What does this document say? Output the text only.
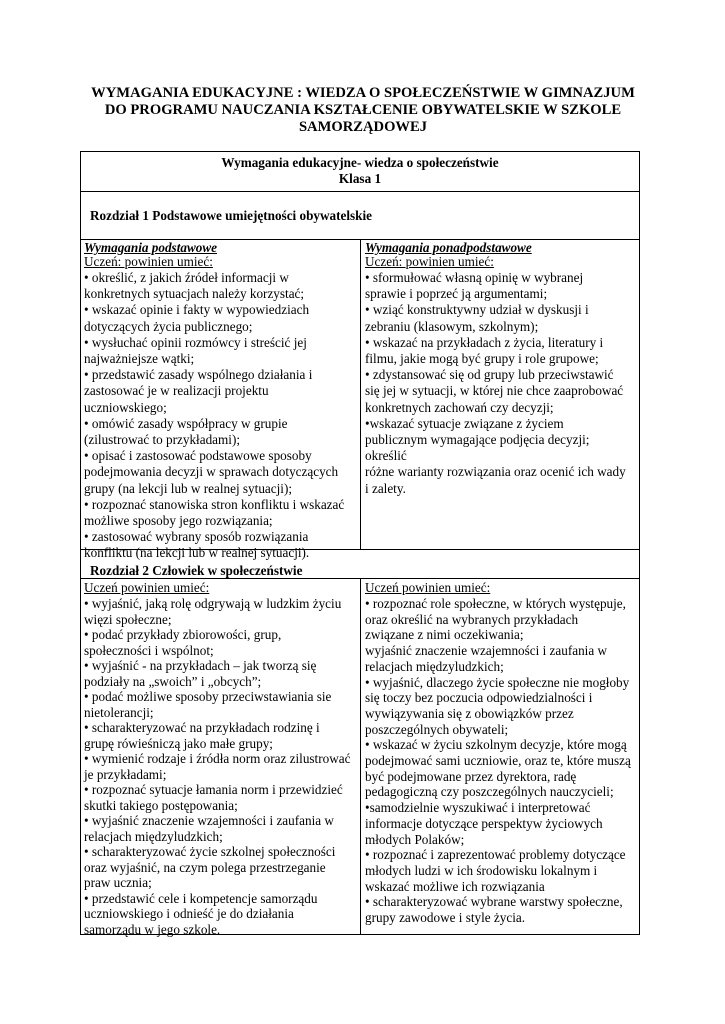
WYMAGANIA EDUKACYJNE : WIEDZA O SPOŁECZEŃSTWIE W GIMNAZJUM
DO PROGRAMU NAUCZANIA KSZTAŁCENIE OBYWATELSKIE W SZKOLE
SAMORZĄDOWEJ
Wymagania edukacyjne- wiedza o społeczeństwie
Klasa 1
Rozdział 1 Podstawowe umiejętności obywatelskie
Wymagania podstawowe	Wymagania ponadpodstawowe
Uczeń: powinien umieć:
• określić, z jakich źródeł informacji w
konkretnych sytuacjach należy korzystać;
• wskazać opinie i fakty w wypowiedziach
dotyczących życia publicznego;
• wysłuchać opinii rozmówcy i streścić jej
najważniejsze wątki;
• przedstawić zasady wspólnego działania i
zastosować je w realizacji projektu
uczniowskiego;
• omówić zasady współpracy w grupie
(zilustrować to przykładami);
• opisać i zastosować podstawowe sposoby
podejmowania decyzji w sprawach dotyczących
grupy (na lekcji lub w realnej sytuacji);
• rozpoznać stanowiska stron konfliktu i wskazać
możliwe sposoby jego rozwiązania;
• zastosować wybrany sposób rozwiązania
konfliktu (na lekcji lub w realnej sytuacji).
Uczeń: powinien umieć:
• sformułować własną opinię w wybranej
sprawie i poprzeć ją argumentami;
• wziąć konstruktywny udział w dyskusji i
zebraniu (klasowym, szkolnym);
• wskazać na przykładach z życia, literatury i
filmu, jakie mogą być grupy i role grupowe;
• zdystansować się od grupy lub przeciwstawić
się jej w sytuacji, w której nie chce zaaprobować
konkretnych zachowań czy decyzji;
•wskazać sytuacje związane z życiem
publicznym wymagające podjęcia decyzji;
określić
różne warianty rozwiązania oraz ocenić ich wady
i zalety.
Rozdział 2 Człowiek w społeczeństwie
Uczeń powinien umieć:
• wyjaśnić, jaką rolę odgrywają w ludzkim życiu
więzi społeczne;
• podać przykłady zbiorowości, grup,
społeczności i wspólnot;
• wyjaśnić - na przykładach – jak tworzą się
podziały na „swoich” i „obcych”;
• podać możliwe sposoby przeciwstawiania sie
nietolerancji;
• scharakteryzować na przykładach rodzinę i
grupę rówieśniczą jako małe grupy;
• wymienić rodzaje i źródła norm oraz zilustrować
je przykładami;
• rozpoznać sytuacje łamania norm i przewidzieć
skutki takiego postępowania;
• wyjaśnić znaczenie wzajemności i zaufania w
relacjach międzyludzkich;
• scharakteryzować życie szkolnej społeczności
oraz wyjaśnić, na czym polega przestrzeganie
praw ucznia;
• przedstawić cele i kompetencje samorządu
uczniowskiego i odnieść je do działania
samorządu w jego szkole.
Uczeń powinien umieć:
• rozpoznać role społeczne, w których występuje,
oraz określić na wybranych przykładach
związane z nimi oczekiwania;
wyjaśnić znaczenie wzajemności i zaufania w
relacjach międzyludzkich;
• wyjaśnić, dlaczego życie społeczne nie mogłoby
się toczy bez poczucia odpowiedzialności i
wywiązywania się z obowiązków przez
poszczególnych obywateli;
• wskazać w życiu szkolnym decyzje, które mogą
podejmować sami uczniowie, oraz te, które muszą
być podejmowane przez dyrektora, radę
pedagogiczną czy poszczególnych nauczycieli;
•samodzielnie wyszukiwać i interpretować
informacje dotyczące perspektyw życiowych
młodych Polaków;
• rozpoznać i zaprezentować problemy dotyczące
młodych ludzi w ich środowisku lokalnym i
wskazać możliwe ich rozwiązania
• scharakteryzować wybrane warstwy społeczne,
grupy zawodowe i style życia.
